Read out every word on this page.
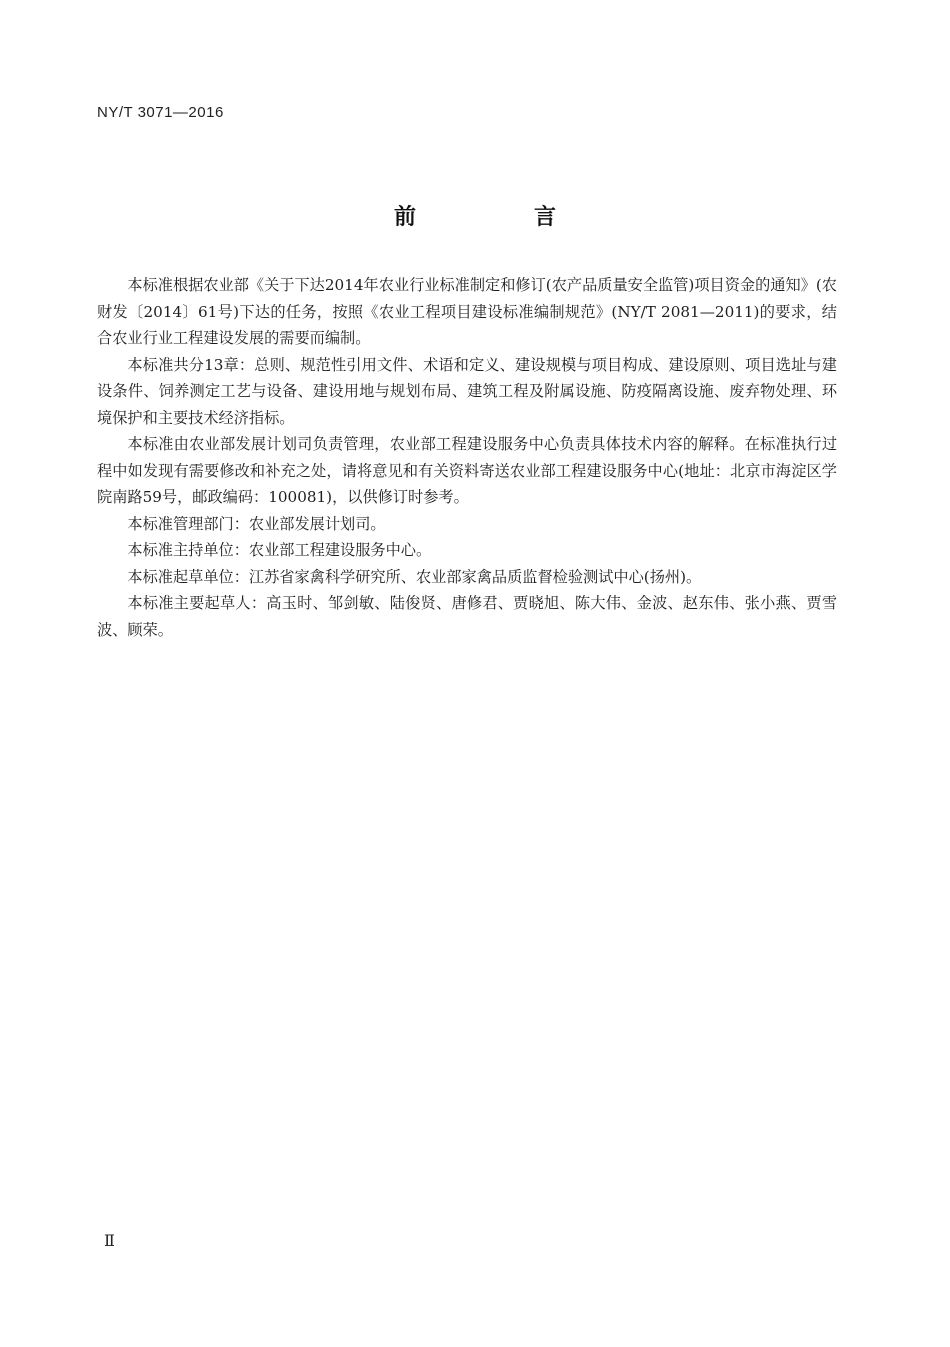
NY/T 3071—2016
前　言

本标准根据农业部《关于下达2014年农业行业标准制定和修订(农产品质量安全监管)项目资金的通知》(农财发〔2014〕61号)下达的任务，按照《农业工程项目建设标准编制规范》(NY/T 2081—2011)的要求，结合农业行业工程建设发展的需要而编制。

本标准共分13章：总则、规范性引用文件、术语和定义、建设规模与项目构成、建设原则、项目选址与建设条件、饲养测定工艺与设备、建设用地与规划布局、建筑工程及附属设施、防疫隔离设施、废弃物处理、环境保护和主要技术经济指标。

本标准由农业部发展计划司负责管理，农业部工程建设服务中心负责具体技术内容的解释。在标准执行过程中如发现有需要修改和补充之处，请将意见和有关资料寄送农业部工程建设服务中心(地址：北京市海淀区学院南路59号，邮政编码：100081)，以供修订时参考。

本标准管理部门：农业部发展计划司。

本标准主持单位：农业部工程建设服务中心。

本标准起草单位：江苏省家禽科学研究所、农业部家禽品质监督检验测试中心(扬州)。

本标准主要起草人：高玉时、邹剑敏、陆俊贤、唐修君、贾晓旭、陈大伟、金波、赵东伟、张小燕、贾雪波、顾荣。

Ⅱ
